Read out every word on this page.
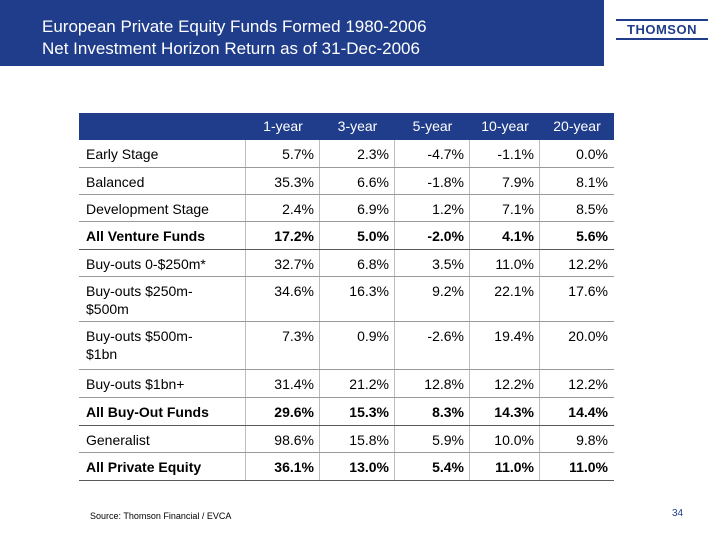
European Private Equity Funds Formed 1980-2006
Net Investment Horizon Return as of 31-Dec-2006
THOMSON
1-year	3-year	5-year	10-year	20-year
Early Stage	5.7%	2.3%	-4.7%	-1.1%	0.0%
Balanced	35.3%	6.6%	-1.8%	7.9%	8.1%
Development Stage	2.4%	6.9%	1.2%	7.1%	8.5%
All Venture Funds	17.2%	5.0%	-2.0%	4.1%	5.6%
Buy-outs 0-$250m*	32.7%	6.8%	3.5%	11.0%	12.2%
Buy-outs $250m-
$500m
34.6%	16.3%	9.2%	22.1%	17.6%
Buy-outs $500m-
$1bn
7.3%	0.9%	-2.6%	19.4%	20.0%
Buy-outs $1bn+	31.4%	21.2%	12.8%	12.2%	12.2%
All Buy-Out Funds	29.6%	15.3%	8.3%	14.3%	14.4%
Generalist	98.6%	15.8%	5.9%	10.0%	9.8%
All Private Equity	36.1%	13.0%	5.4%	11.0%	11.0%
Source: Thomson Financial / EVCA	34
